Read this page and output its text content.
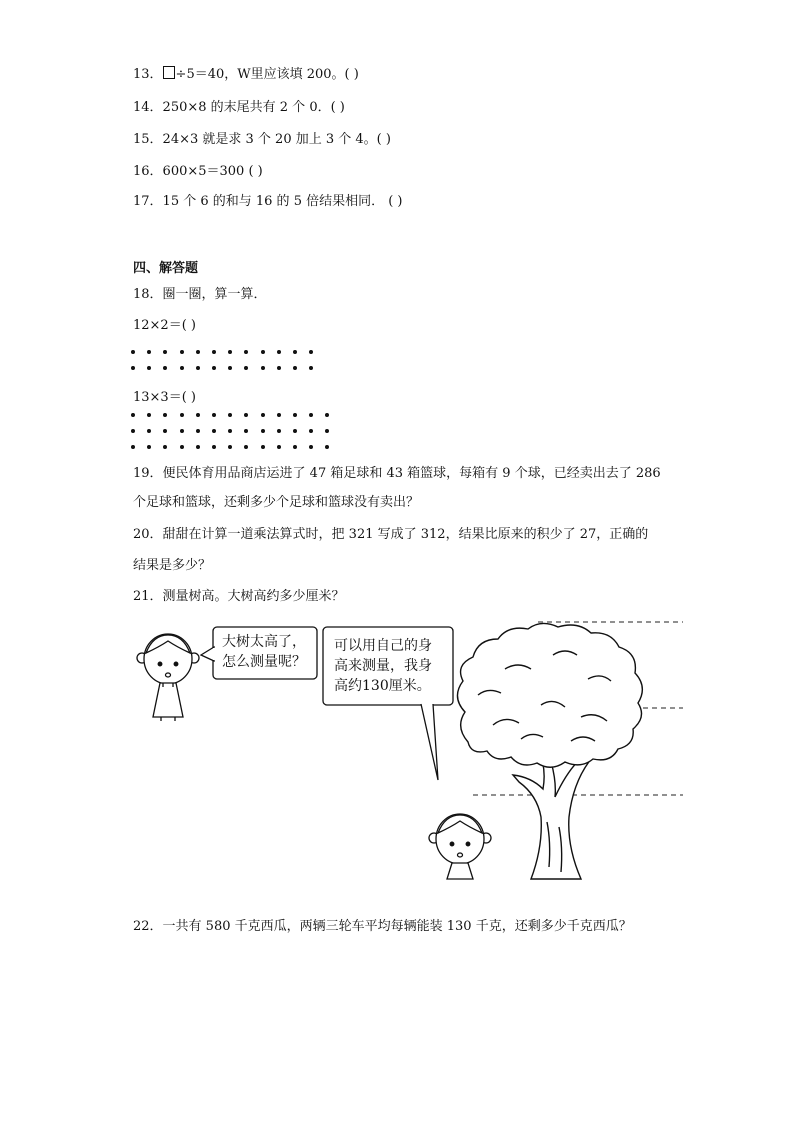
13． ÷5＝40，W里应该填 200。( )
14．250×8 的末尾共有 2 个 0．( )
15．24×3 就是求 3 个 20 加上 3 个 4。( )
16．600×5＝300 ( )
17．15 个 6 的和与 16 的 5 倍结果相同． ( )
四、解答题
18．圈一圈，算一算．
12×2＝( )
13×3＝( )
19．便民体育用品商店运进了 47 箱足球和 43 箱篮球，每箱有 9 个球，已经卖出去了 286
个足球和篮球，还剩多少个足球和篮球没有卖出？
20．甜甜在计算一道乘法算式时，把 321 写成了 312，结果比原来的积少了 27，正确的
结果是多少？
21．测量树高。大树高约多少厘米？
大树太高了，
怎么测量呢？
可以用自己的身
高来测量，我身
高约130厘米。
22．一共有 580 千克西瓜，两辆三轮车平均每辆能装 130 千克，还剩多少千克西瓜？
